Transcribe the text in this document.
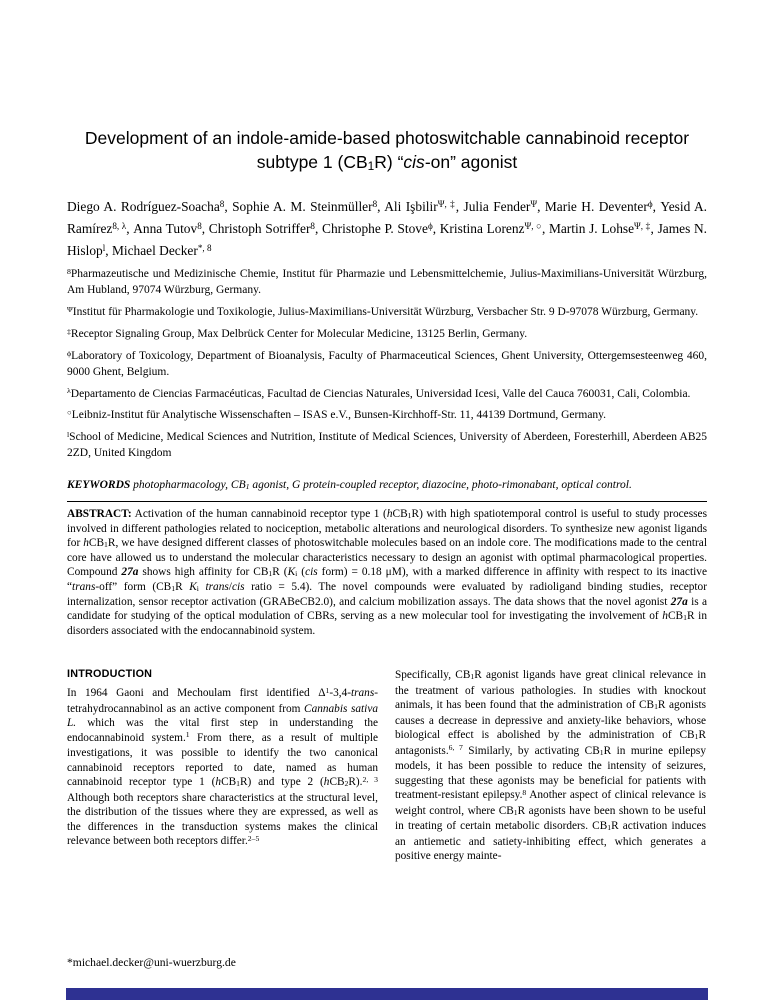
Development of an indole-amide-based photoswitchable cannabinoid receptor subtype 1 (CB1R) “cis-on” agonist

Diego A. Rodríguez-Soacha$^8$, Sophie A. M. Steinmüller$^8$, Ali Işbilir$^{\Psi, \ddagger}$, Julia Fender$^\Psi$, Marie H. Deventer$^\phi$, Yesid A. Ramírez$^{8, \lambda}$, Anna Tutov$^8$, Christoph Sotriffer$^8$, Christophe P. Stove$^\phi$, Kristina Lorenz$^{\Psi, ○}$, Martin J. Lohse$^{\Psi, \ddagger}$, James N. Hislop$^l$, Michael Decker$^{*, 8}$

$^8$Pharmazeutische und Medizinische Chemie, Institut für Pharmazie und Lebensmittelchemie, Julius-Maximilians-Universität Würzburg, Am Hubland, 97074 Würzburg, Germany.

$^\Psi$Institut für Pharmakologie und Toxikologie, Julius-Maximilians-Universität Würzburg, Versbacher Str. 9 D-97078 Würzburg, Germany.

‡Receptor Signaling Group, Max Delbrück Center for Molecular Medicine, 13125 Berlin, Germany.

$^\phi$Laboratory of Toxicology, Department of Bioanalysis, Faculty of Pharmaceutical Sciences, Ghent University, Ottergemsesteenweg 460, 9000 Ghent, Belgium.

$^\lambda$Departamento de Ciencias Farmacéuticas, Facultad de Ciencias Naturales, Universidad Icesi, Valle del Cauca 760031, Cali, Colombia.

○Leibniz-Institut für Analytische Wissenschaften – ISAS e.V., Bunsen-Kirchhoff-Str. 11, 44139 Dortmund, Germany.

$^l$School of Medicine, Medical Sciences and Nutrition, Institute of Medical Sciences, University of Aberdeen, Foresterhill, Aberdeen AB25 2ZD, United Kingdom

KEYWORDS photopharmacology, CB1 agonist, G protein-coupled receptor, diazocine, photo-rimonabant, optical control.

ABSTRACT: Activation of the human cannabinoid receptor type 1 (hCB1R) with high spatiotemporal control is useful to study processes involved in different pathologies related to nociception, metabolic alterations and neurological disorders. To synthesize new agonist ligands for hCB1R, we have designed different classes of photoswitchable molecules based on an indole core. The modifications made to the central core have allowed us to understand the molecular characteristics necessary to design an agonist with optimal pharmacological properties. Compound 27a shows high affinity for CB1R (Ki (cis form) = 0.18 μM), with a marked difference in affinity with respect to its inactive “trans-off” form (CB1R Ki trans/cis ratio = 5.4). The novel compounds were evaluated by radioligand binding studies, receptor internalization, sensor receptor activation (GRABeCB2.0), and calcium mobilization assays. The data shows that the novel agonist 27a is a candidate for studying of the optical modulation of CBRs, serving as a new molecular tool for investigating the involvement of hCB1R in disorders associated with the endocannabinoid system.

INTRODUCTION

In 1964 Gaoni and Mechoulam first identified $\Delta^1-3,4-trans$-tetrahydrocannabinol as an active component from Cannabis sativa L. which was the vital first step in understanding the endocannabinoid system.$^1$ From there, as a result of multiple investigations, it was possible to identify the two canonical cannabinoid receptors reported to date, named as human cannabinoid receptor type 1 (hCB1R) and type 2 (hCB2R).$^{2, 3}$ Although both receptors share characteristics at the structural level, the distribution of the tissues where they are expressed, as well as the differences in the transduction systems makes the clinical relevance between both receptors differ.$^{2-5}$

Specifically, CB1R agonist ligands have great clinical relevance in the treatment of various pathologies. In studies with knockout animals, it has been found that the administration of CB1R agonists causes a decrease in depressive and anxiety-like behaviors, whose biological effect is abolished by the administration of CB1R antagonists.$^{6, 7}$ Similarly, by activating CB1R in murine epilepsy models, it has been possible to reduce the intensity of seizures, suggesting that these agonists may be beneficial for patients with treatment-resistant epilepsy.$^8$ Another aspect of clinical relevance is weight control, where CB1R agonists have been shown to be useful in treating of certain metabolic disorders. CB1R activation induces an antiemetic and satiety-inhibiting effect, which generates a positive energy mainte-

*michael.decker@uni-wuerzburg.de
